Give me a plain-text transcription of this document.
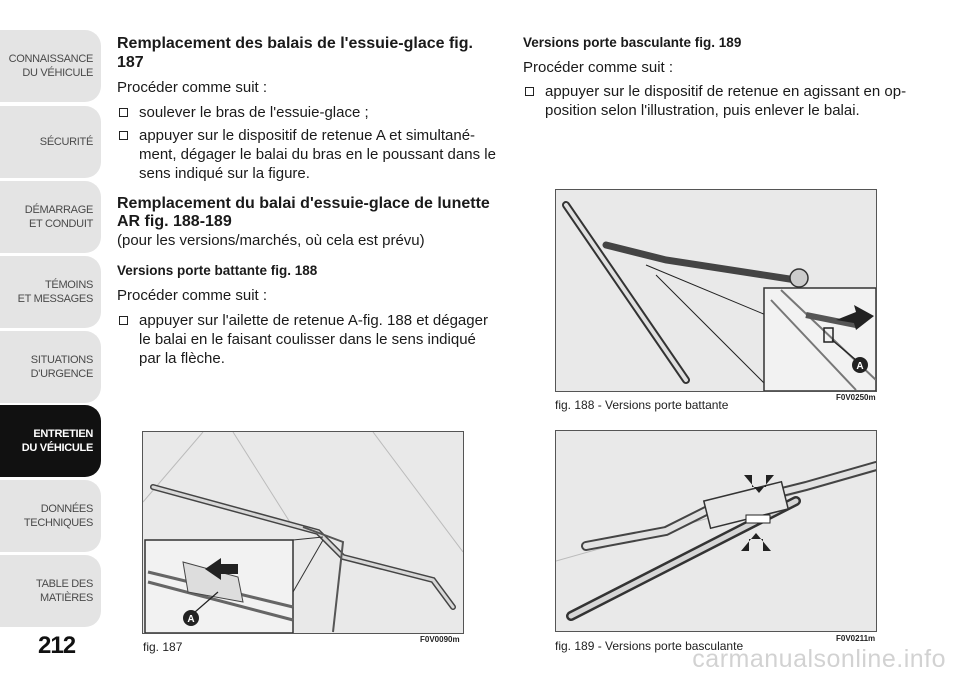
CONNAISSANCE
DU VÉHICULE
SÉCURITÉ
DÉMARRAGE
ET CONDUIT
TÉMOINS
ET MESSAGES
SITUATIONS
D'URGENCE
ENTRETIEN
DU VÉHICULE
DONNÉES
TECHNIQUES
TABLE DES
MATIÈRES
212

Remplacement des balais de l'essuie-glace fig. 187

Procéder comme suit :

soulever le bras de l'essuie-glace ;

appuyer sur le dispositif de retenue A et simultané-ment, dégager le balai du bras en le poussant dans le sens indiqué sur la figure.

Remplacement du balai d'essuie-glace de lunette AR fig. 188-189

(pour les versions/marchés, où cela est prévu)

Versions porte battante fig. 188

Procéder comme suit :

appuyer sur l'ailette de retenue A-fig. 188 et dégager le balai en le faisant coulisser dans le sens indiqué par la flèche.

Versions porte basculante fig. 189

Procéder comme suit :

appuyer sur le dispositif de retenue en agissant en op-position selon l'illustration, puis enlever le balai.

A
fig. 187
F0V0090m
A
fig. 188 - Versions porte battante
F0V0250m
fig. 189 - Versions porte basculante
F0V0211m
carmanualsonline.info
